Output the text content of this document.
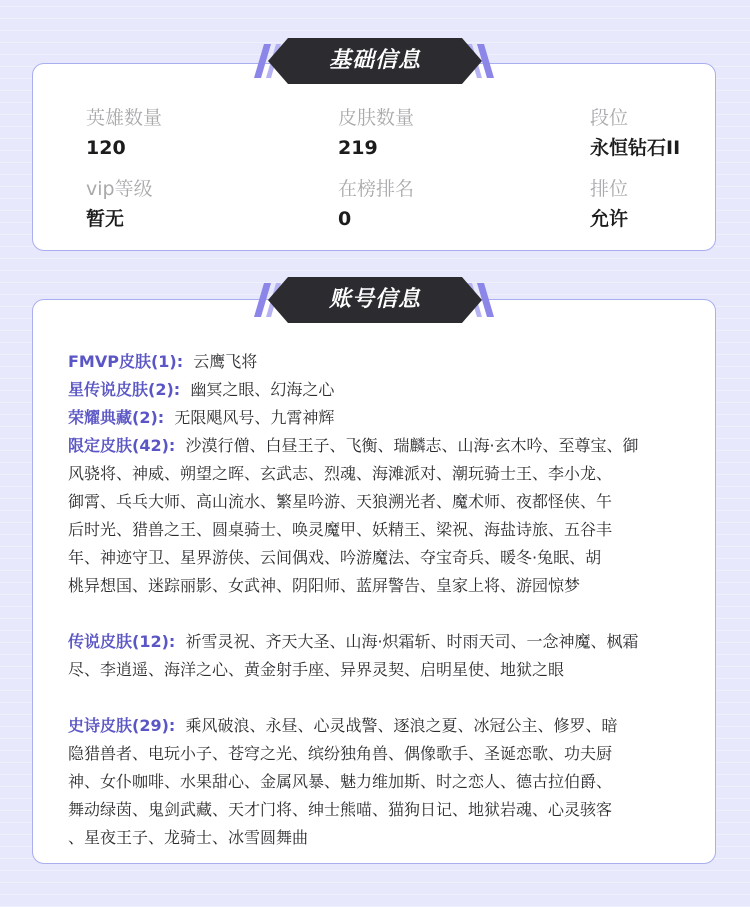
基础信息
英雄数量
120
皮肤数量
219
段位
永恒钻石II
vip等级
暂无
在榜排名
0
排位
允许
账号信息
FMVP皮肤(1): 云鹰飞将
星传说皮肤(2): 幽冥之眼、幻海之心
荣耀典藏(2): 无限飓风号、九霄神辉
限定皮肤(42): 沙漠行僧、白昼王子、飞衡、瑞麟志、山海·玄木吟、至尊宝、御
风骁将、神威、朔望之晖、玄武志、烈魂、海滩派对、潮玩骑士王、李小龙、
御霄、乓乓大师、高山流水、繁星吟游、天狼溯光者、魔术师、夜都怪侠、午
后时光、猎兽之王、圆桌骑士、唤灵魔甲、妖精王、梁祝、海盐诗旅、五谷丰
年、神迹守卫、星界游侠、云间偶戏、吟游魔法、夺宝奇兵、暖冬·兔眠、胡
桃异想国、迷踪丽影、女武神、阴阳师、蓝屏警告、皇家上将、游园惊梦
传说皮肤(12): 祈雪灵祝、齐天大圣、山海·炽霜斩、时雨天司、一念神魔、枫霜
尽、李逍遥、海洋之心、黄金射手座、异界灵契、启明星使、地狱之眼
史诗皮肤(29): 乘风破浪、永昼、心灵战警、逐浪之夏、冰冠公主、修罗、暗
隐猎兽者、电玩小子、苍穹之光、缤纷独角兽、偶像歌手、圣诞恋歌、功夫厨
神、女仆咖啡、水果甜心、金属风暴、魅力维加斯、时之恋人、德古拉伯爵、
舞动绿茵、鬼剑武藏、天才门将、绅士熊喵、猫狗日记、地狱岩魂、心灵骇客
、星夜王子、龙骑士、冰雪圆舞曲
